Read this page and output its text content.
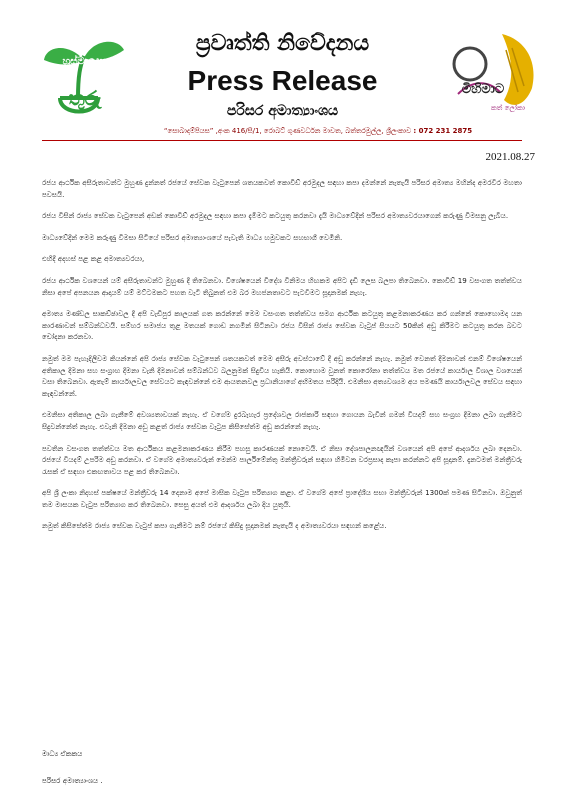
හුස්ම දෙන
තුරු
ප්‍රවෘත්ති නිවේදනය
Press Release
පරිසර අමාත්‍යාංශය
මිහිමාට
කත් ලෝකා
“සොබාදම්පියස” ,අංක 416/සී/1, රොබට් ගුණවර්ධන මාවත, බත්තරමුල්ල, ශ්‍රීලංකාව : 072 231 2875
2021.08.27

රජය ආර්ථික අසීරුතාවන්ට මුහුණ දුන්නත් රජයේ සේවක වැටුපෙන් ශතයකවත් කොවිඩ් අරමුදල සඳහා කපා දමන්නේ නැතැයි පරිසර අමාත්‍ය මහින්ද අමරවීර මහතා පවසයි.

රජය විසින් රාජ්‍ය සේවක වැටුපෙන් අඩක් කොවිඩ් අරමුදල සඳහා කපා දැමීමට කටයුතු කරනවා දැයි මාධ්‍යවේදීන් පරිසර අමාත්‍යවරයාගෙන් කරුණු විමසනු ලැබීය.

මාධ්‍යවේදීන් මෙම කරුණු විමසා සිටියේ පරිසර අමාත්‍යාංශයේ පැවැති මාධ්‍ය හමුවකට සහභාගී වෙමිනි.

එහිදී අදහස් පළ කළ අමාත්‍යවරයා,

රජය ආර්ථික වශයෙන් යම් අසීරුතාවන්ට මුහුණ දී තිබෙනවා. විශේෂයෙන් විදේශ විනිමය හිඟකම අපිට දැඩි ලෙස බලපා තිබෙනවා. කොවිඩ් 19 වසංගත තත්ත්වය නිසා අපේ අපනයන ආදායම් යම් මට්ටමකට පහත වැටී තිබුනත් එම බර මහජනතාවට පැටවීමට සූදානමක් නැහැ.

අමාත්‍ය මණ්ඩල සාකච්ඡාවල දී අපි වැඩිපුර කාලයක් ගත කරන්නේ මෙම වසංගත තත්ත්වය සමග ආර්ථික කටයුතු කළමනාකරණය කර ගන්නේ කොහොමද යන කාරණාවන් සම්බන්ධවයි. සම්හර සමාජය තුළ මතයක් ගොඩ නගමින් සිටිනවා රජය විසින් රාජ්‍ය සේවක වැටුප් සියයට 50කින් අඩු කිරීමට කටයුතු කරන බවට චෝදනා කරනවා.

නමුත් මම පැහැදිලිවම කියන්නේ අපි රාජ්‍ය සේවක වැටුපෙන් ශතයකවත් මෙම අසීරු අවස්ථාවේ දී අඩු කරන්නේ නැහැ. නමුත් වෙනත් දීමනාවන් එනම් විශේෂයෙන් අතිකාල දීමනා සහ සංග්‍රාහ දීමනා වැනි දීමනාවන් සම්බන්ධව බලනුමක් සිදුවිය හැකියි. කොහොම වුනත් කොරෝනා තත්ත්වය මත රජයේ කාර්යාල විශාල වශයෙන් වසා තිබෙනවා. ඇතැම් කාර්යාලවල සේවයට කැඳවන්නේ එම ආයතනවල ප්‍රධානියාගේ අභිමතය පරිදියි. එමනිසා අත්‍යවශ්‍යම අය පමණයි කාර්යාලවල සේවය සඳහා කැඳවන්නේ.

එමනිසා අතිකාල ලබා ගැනීමේ අවශ්‍යතාවයක් නැහැ. ඒ වගේම දුරබැහැර ප්‍රදේශවල රාජකාරි සඳහා ගොයන බැවින් ගමන් වියදම් සහ සංග්‍රහ දීමනා ලබා ගැනීමට සිදුවන්නේත් නැහැ. එවැනි දීමනා අඩු කළත් රාජ්‍ය සේවක වැටුප කිසිසේත්ම අඩු කරන්නේ නැහැ.

පවතින වසංගත තත්ත්වය මත ආර්ථිකය කළමනාකරණය කිරීම පහසු කාරණයක් නොවෙයි. ඒ නිසා දේශපාලනඥයින් වශයෙන් අපි අපේ ආදර්ශය ලබා දෙනවා. රජයේ වියදම් උපරිම අඩු කරනවා. ඒ වගේම අමාත්‍යවරුන් මෙන්ම පාර්ලිමේන්තු මන්ත්‍රීවරුන් සඳහා හිමිවන වරප්‍රසාද කැපා කරන්නට අපි සූදානම්. දැනටමත් මන්ත්‍රීවරු රැසක් ඒ සඳහා එකඟතාවය පළ කර තිබෙනවා.

අපි ශ්‍රී ලංකා නිදහස් පක්ෂයේ මන්ත්‍රීවරු 14 දෙනාම අපේ මාසික වැටුප පරිත්‍යාග කළා. ඒ වගේම අපේ ප්‍රාදේශීය සභා මන්ත්‍රීවරුන් 1300ක් පමණ සිටිනවා. ඔවුනුත් තම මාසයක වැටුප පරිත්‍යාග කර තිබෙනවා. සෙසු අයත් එම ආදර්ශය ලබා දිය යුතුයි.

නමුත් කිසිසේත්ම රාජ්‍ය සේවක වැටුප් කපා ගැනීමට නම් රජයේ කිසිදු සූදානමක් නැතැයි ද අමාත්‍යවරයා සඳහන් කළේය.

මාධ්‍ය ඒකකය
පරිසර අමාත්‍යාංශය .
